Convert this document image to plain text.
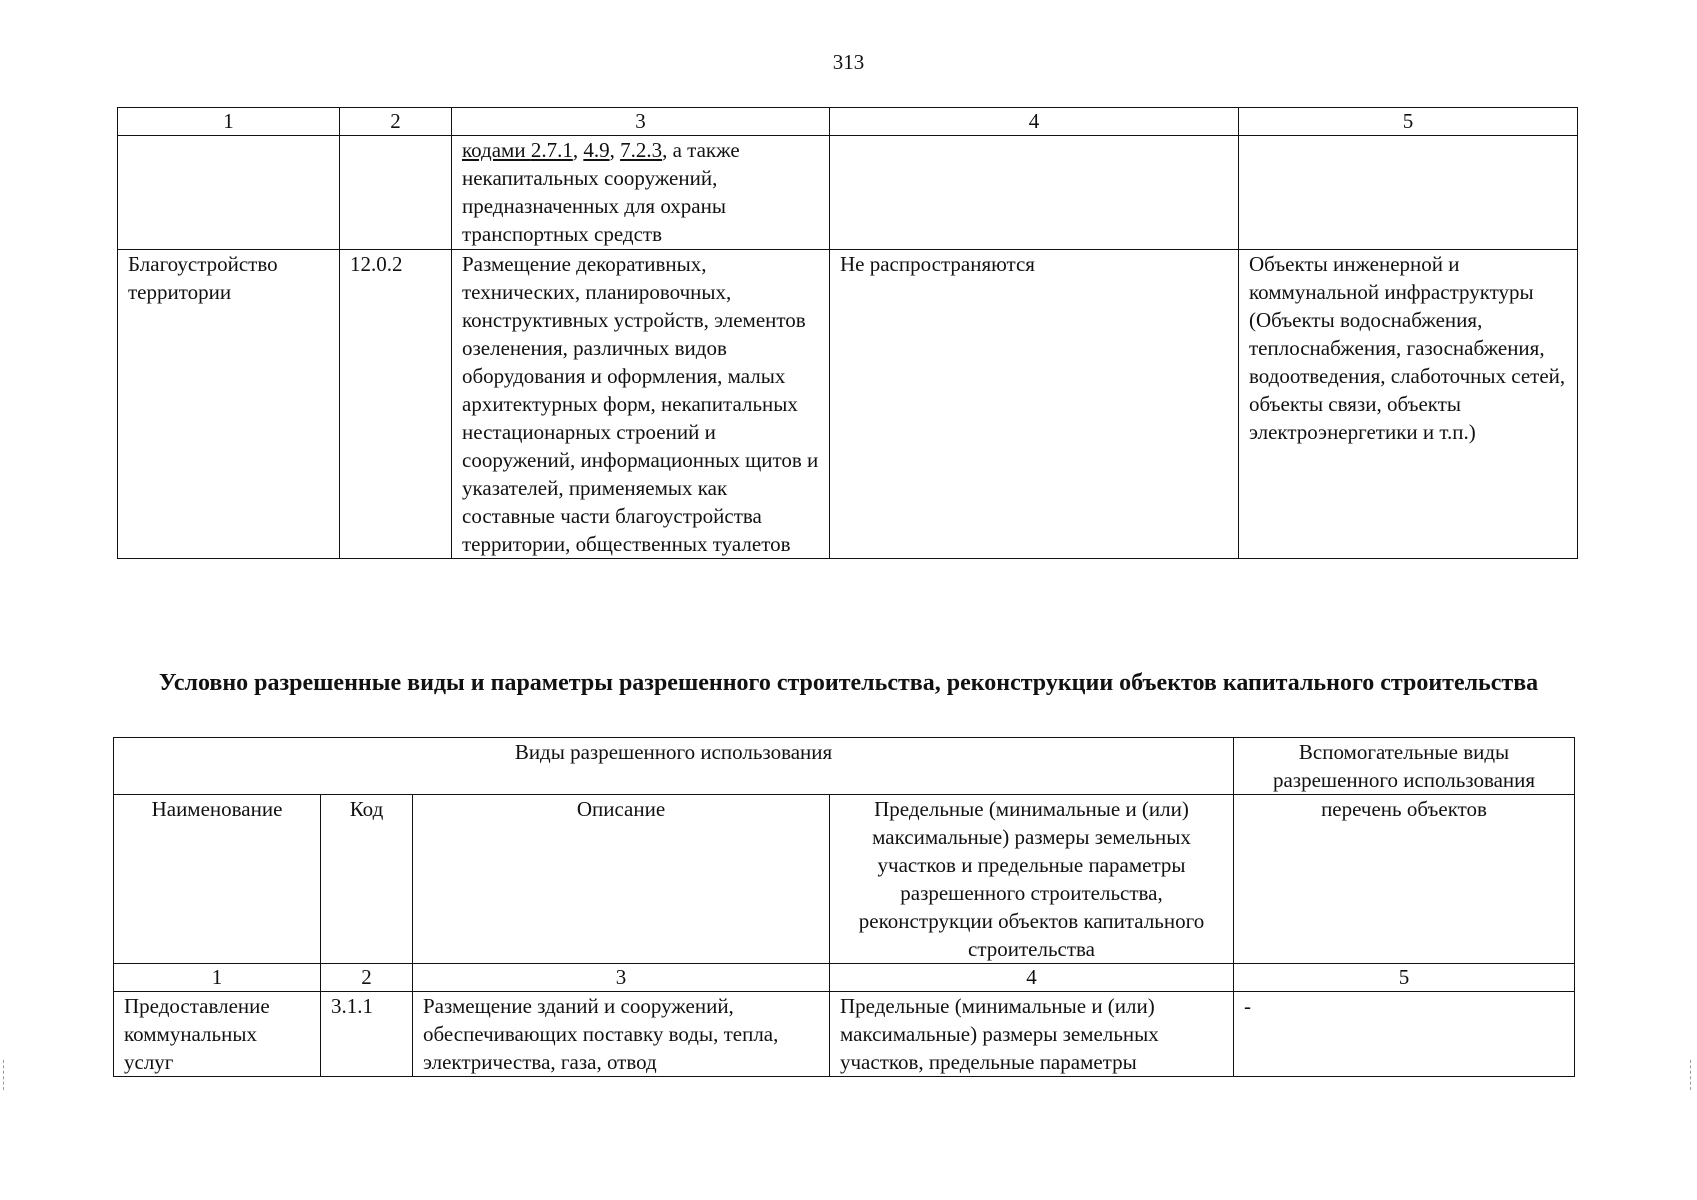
313
1	2	3	4	5
		кодами 2.7.1, 4.9, 7.2.3, а также некапитальных сооружений, предназначенных для охраны транспортных средств		
Благоустройство территории	12.0.2	Размещение декоративных, технических, планировочных, конструктивных устройств, элементов озеленения, различных видов оборудования и оформления, малых архитектурных форм, некапитальных нестационарных строений и сооружений, информационных щитов и указателей, применяемых как составные части благоустройства территории, общественных туалетов	Не распространяются	Объекты инженерной и коммунальной инфраструктуры (Объекты водоснабжения, теплоснабжения, газоснабжения, водоотведения, слаботочных сетей, объекты связи, объекты электроэнергетики и т.п.)
Условно разрешенные виды и параметры разрешенного строительства, реконструкции объектов капитального строительства
Виды разрешенного использования				Вспомогательные виды разрешенного использования
Наименование	Код	Описание	Предельные (минимальные и (или) максимальные) размеры земельных участков и предельные параметры разрешенного строительства, реконструкции объектов капитального строительства	перечень объектов
1	2	3	4	5
Предоставление коммунальных услуг	3.1.1	Размещение зданий и сооружений, обеспечивающих поставку воды, тепла, электричества, газа, отвод	Предельные (минимальные и (или) максимальные) размеры земельных участков, предельные параметры	-
